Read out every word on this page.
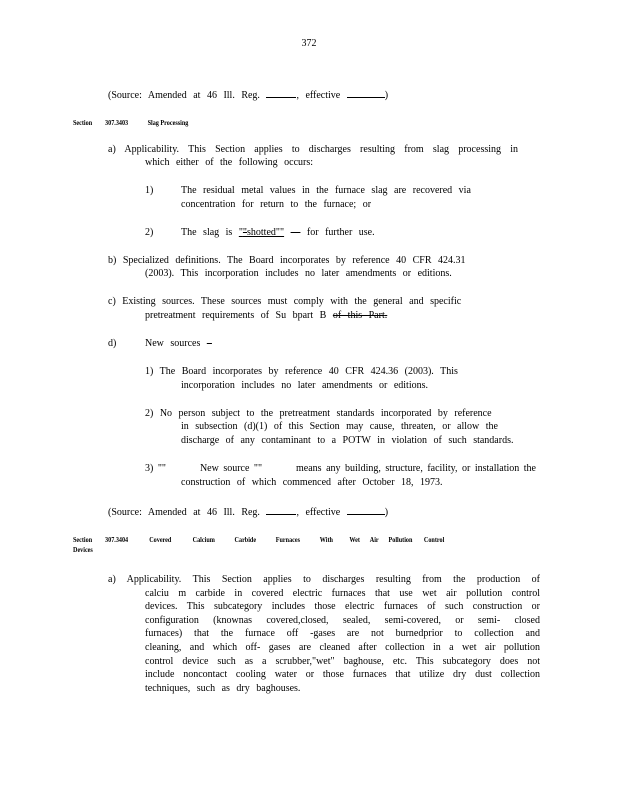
372
(Source: Amended at 46 Ill. Reg.	, effective	)
Section 307.3403	Slag Processing
a) Applicability. This Section applies to discharges resulting from slag processing in
which either of the following occurs:
1)	The residual metal values in the furnace slag are recovered via
concentration for return to the furnace; or
2)	The slag is ""shotted""  - for further use.
b) Specialized definitions. The Board incorporates by reference 40 CFR 424.31
(2003). This incorporation includes no later amendments or editions.
c) Existing sources. These sources must comply with the general and specific
pretreatment requirements of Su bpart B of this Part.
d)	New sources –
1) The Board incorporates by reference 40 CFR 424.36 (2003). This
incorporation includes no later amendments or editions.
2) No person subject to the pretreatment standards incorporated by reference
in subsection (d)(1) of this Section may cause, threaten, or allow the
discharge of any contaminant to a POTW in violation of such standards.
3) ""	New source ""	means any building, structure, facility, or installation the
construction of which commenced after October 18, 1973.
(Source: Amended at 46 Ill. Reg.	, effective	)
Section 307.3404	Covered	Calcium	Carbide	Furnaces	With Wet Air Pollution Control
Devices
a) Applicability. This Section applies to discharges resulting from the production of
calciu m carbide in covered electric furnaces that use wet air pollution control
devices. This subcategory includes those electric furnaces of such construction or
configuration (knownas covered,closed, sealed, semi-covered, or semi- closed
furnaces) that the furnace off -gases are not burnedprior to collection and
cleaning, and which off- gases are cleaned after collection in a wet air pollution
control device such as a scrubber,"wet" baghouse, etc. This subcategory does not
include noncontact cooling water or those furnaces that utilize dry dust collection
techniques, such as dry baghouses.
